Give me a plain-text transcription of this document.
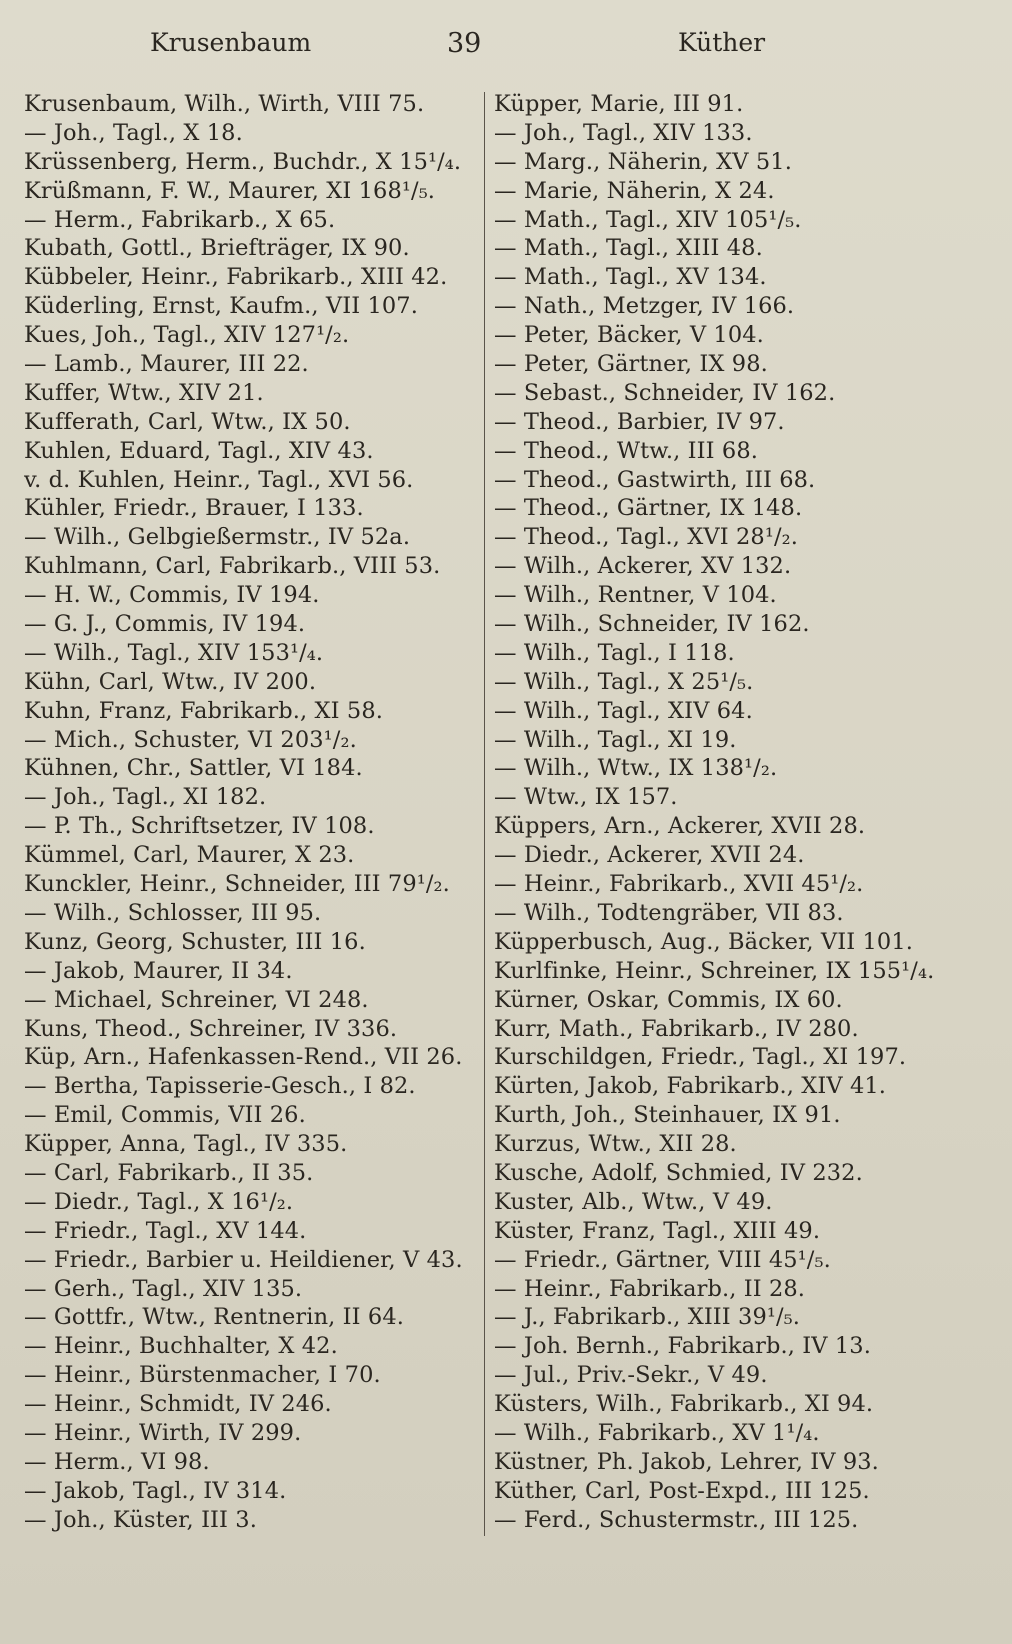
Krusenbaum	39	Küther
Krusenbaum, Wilh., Wirth, VIII 75.
— Joh., Tagl., X 18.
Krüssenberg, Herm., Buchdr., X 15¹/₄.
Krüßmann, F. W., Maurer, XI 168¹/₅.
— Herm., Fabrikarb., X 65.
Kubath, Gottl., Briefträger, IX 90.
Kübbeler, Heinr., Fabrikarb., XIII 42.
Küderling, Ernst, Kaufm., VII 107.
Kues, Joh., Tagl., XIV 127¹/₂.
— Lamb., Maurer, III 22.
Kuffer, Wtw., XIV 21.
Kufferath, Carl, Wtw., IX 50.
Kuhlen, Eduard, Tagl., XIV 43.
v. d. Kuhlen, Heinr., Tagl., XVI 56.
Kühler, Friedr., Brauer, I 133.
— Wilh., Gelbgießermstr., IV 52a.
Kuhlmann, Carl, Fabrikarb., VIII 53.
— H. W., Commis, IV 194.
— G. J., Commis, IV 194.
— Wilh., Tagl., XIV 153¹/₄.
Kühn, Carl, Wtw., IV 200.
Kuhn, Franz, Fabrikarb., XI 58.
— Mich., Schuster, VI 203¹/₂.
Kühnen, Chr., Sattler, VI 184.
— Joh., Tagl., XI 182.
— P. Th., Schriftsetzer, IV 108.
Kümmel, Carl, Maurer, X 23.
Kunckler, Heinr., Schneider, III 79¹/₂.
— Wilh., Schlosser, III 95.
Kunz, Georg, Schuster, III 16.
— Jakob, Maurer, II 34.
— Michael, Schreiner, VI 248.
Kuns, Theod., Schreiner, IV 336.
Küp, Arn., Hafenkassen-Rend., VII 26.
— Bertha, Tapisserie-Gesch., I 82.
— Emil, Commis, VII 26.
Küpper, Anna, Tagl., IV 335.
— Carl, Fabrikarb., II 35.
— Diedr., Tagl., X 16¹/₂.
— Friedr., Tagl., XV 144.
— Friedr., Barbier u. Heildiener, V 43.
— Gerh., Tagl., XIV 135.
— Gottfr., Wtw., Rentnerin, II 64.
— Heinr., Buchhalter, X 42.
— Heinr., Bürstenmacher, I 70.
— Heinr., Schmidt, IV 246.
— Heinr., Wirth, IV 299.
— Herm., VI 98.
— Jakob, Tagl., IV 314.
— Joh., Küster, III 3.
Küpper, Marie, III 91.
— Joh., Tagl., XIV 133.
— Marg., Näherin, XV 51.
— Marie, Näherin, X 24.
— Math., Tagl., XIV 105¹/₅.
— Math., Tagl., XIII 48.
— Math., Tagl., XV 134.
— Nath., Metzger, IV 166.
— Peter, Bäcker, V 104.
— Peter, Gärtner, IX 98.
— Sebast., Schneider, IV 162.
— Theod., Barbier, IV 97.
— Theod., Wtw., III 68.
— Theod., Gastwirth, III 68.
— Theod., Gärtner, IX 148.
— Theod., Tagl., XVI 28¹/₂.
— Wilh., Ackerer, XV 132.
— Wilh., Rentner, V 104.
— Wilh., Schneider, IV 162.
— Wilh., Tagl., I 118.
— Wilh., Tagl., X 25¹/₅.
— Wilh., Tagl., XIV 64.
— Wilh., Tagl., XI 19.
— Wilh., Wtw., IX 138¹/₂.
— Wtw., IX 157.
Küppers, Arn., Ackerer, XVII 28.
— Diedr., Ackerer, XVII 24.
— Heinr., Fabrikarb., XVII 45¹/₂.
— Wilh., Todtengräber, VII 83.
Küpperbusch, Aug., Bäcker, VII 101.
Kurlfinke, Heinr., Schreiner, IX 155¹/₄.
Kürner, Oskar, Commis, IX 60.
Kurr, Math., Fabrikarb., IV 280.
Kurschildgen, Friedr., Tagl., XI 197.
Kürten, Jakob, Fabrikarb., XIV 41.
Kurth, Joh., Steinhauer, IX 91.
Kurzus, Wtw., XII 28.
Kusche, Adolf, Schmied, IV 232.
Kuster, Alb., Wtw., V 49.
Küster, Franz, Tagl., XIII 49.
— Friedr., Gärtner, VIII 45¹/₅.
— Heinr., Fabrikarb., II 28.
— J., Fabrikarb., XIII 39¹/₅.
— Joh. Bernh., Fabrikarb., IV 13.
— Jul., Priv.-Sekr., V 49.
Küsters, Wilh., Fabrikarb., XI 94.
— Wilh., Fabrikarb., XV 1¹/₄.
Küstner, Ph. Jakob, Lehrer, IV 93.
Küther, Carl, Post-Expd., III 125.
— Ferd., Schustermstr., III 125.
